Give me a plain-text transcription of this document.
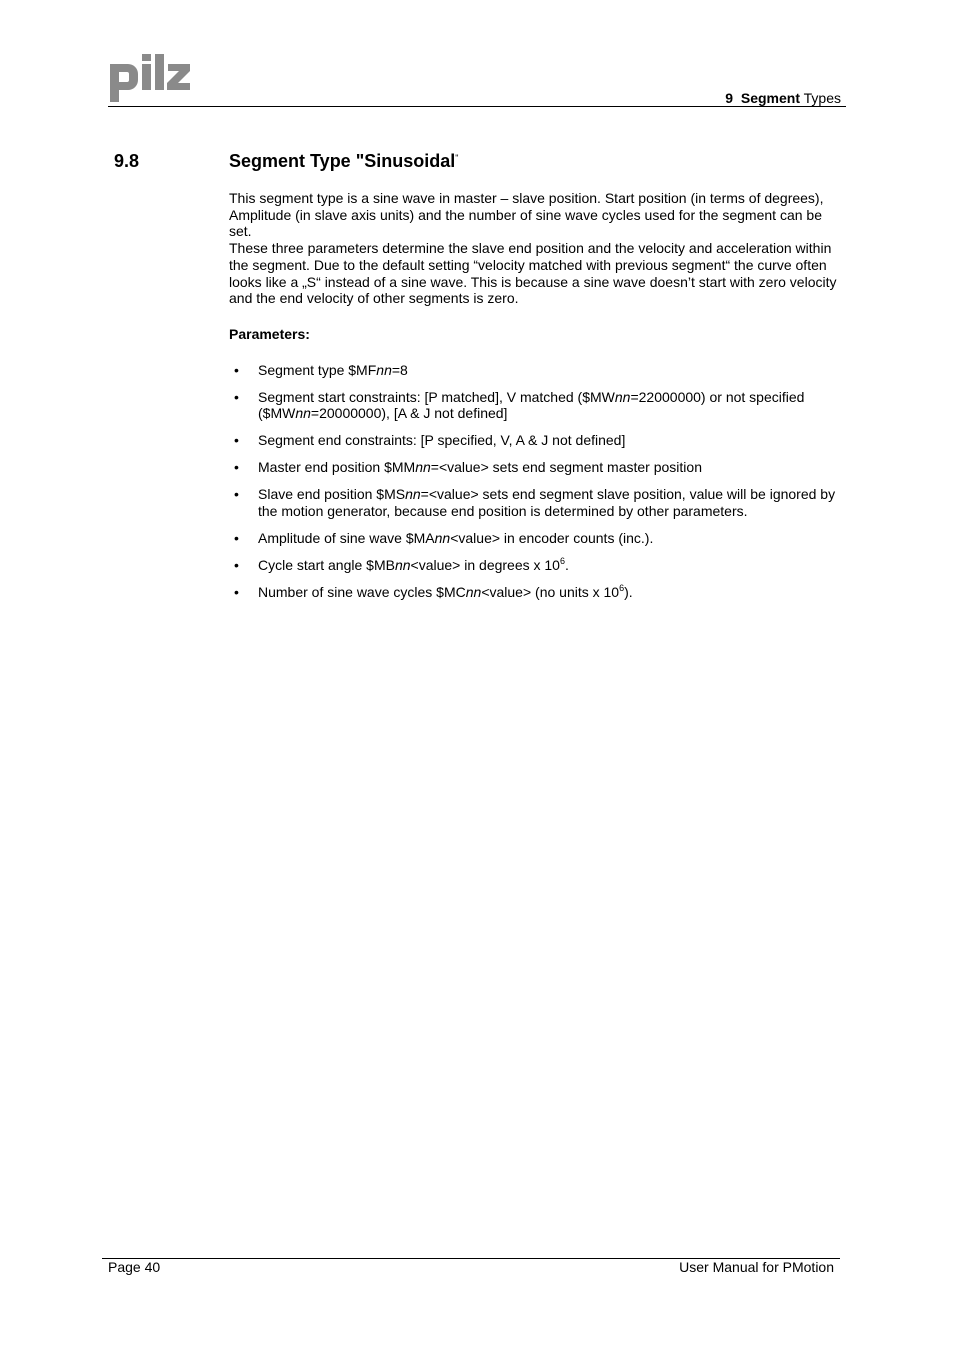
9 Segment Types
9.8	Segment Type "Sinusoidal"

This segment type is a sine wave in master – slave position. Start position (in terms of degrees), Amplitude (in slave axis units) and the number of sine wave cycles used for the segment can be set.

These three parameters determine the slave end position and the velocity and acceleration within the segment. Due to the default setting “velocity matched with previous segment“ the curve often looks like a „S“ instead of a sine wave. This is because a sine wave doesn’t start with zero velocity and the end velocity of other segments is zero.

Parameters:

• Segment type $MFnn=8
• Segment start constraints: [P matched], V matched ($MWnn=22000000) or not specified ($MWnn=20000000), [A & J not defined]
• Segment end constraints: [P specified, V, A & J not defined]
• Master end position $MMnn=<value> sets end segment master position
• Slave end position $MSnn=<value> sets end segment slave position, value will be ignored by the motion generator, because end position is determined by other parameters.
• Amplitude of sine wave $MAnn<value> in encoder counts (inc.).
• Cycle start angle $MBnn<value> in degrees x $10^6$.
• Number of sine wave cycles $MCnn<value> (no units x $10^6$).
Page 40	User Manual for PMotion
